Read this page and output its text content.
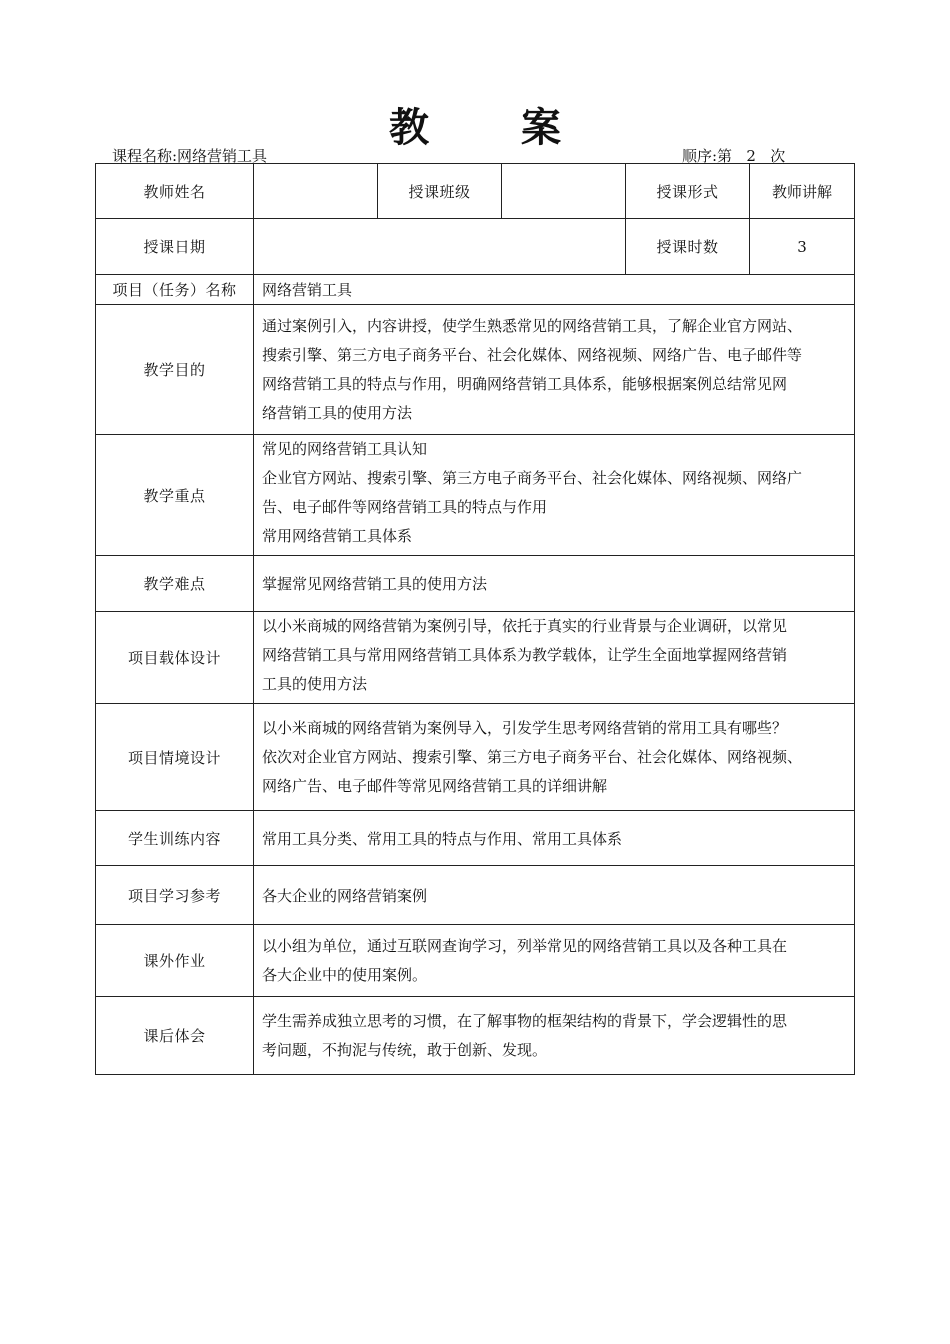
教 案
课程名称:网络营销工具	顺序:第   2   次
教师姓名		授课班级		授课形式	教师讲解
授课日期				授课时数	3
项目（任务）名称	网络营销工具				
教学目的	通过案例引入，内容讲授，使学生熟悉常见的网络营销工具，了解企业官方网站、
搜索引擎、第三方电子商务平台、社会化媒体、网络视频、网络广告、电子邮件等
网络营销工具的特点与作用，明确网络营销工具体系，能够根据案例总结常见网
络营销工具的使用方法				

教学重点	常见的网络营销工具认知
企业官方网站、搜索引擎、第三方电子商务平台、社会化媒体、网络视频、网络广
告、电子邮件等网络营销工具的特点与作用
常用网络营销工具体系				

教学难点	掌握常见网络营销工具的使用方法				
项目载体设计	以小米商城的网络营销为案例引导，依托于真实的行业背景与企业调研，以常见
网络营销工具与常用网络营销工具体系为教学载体，让学生全面地掌握网络营销
工具的使用方法				

项目情境设计	以小米商城的网络营销为案例导入，引发学生思考网络营销的常用工具有哪些？
依次对企业官方网站、搜索引擎、第三方电子商务平台、社会化媒体、网络视频、
网络广告、电子邮件等常见网络营销工具的详细讲解				

学生训练内容	常用工具分类、常用工具的特点与作用、常用工具体系				
项目学习参考	各大企业的网络营销案例				
课外作业	以小组为单位，通过互联网查询学习，列举常见的网络营销工具以及各种工具在
各大企业中的使用案例。				

课后体会	学生需养成独立思考的习惯，在了解事物的框架结构的背景下，学会逻辑性的思
考问题，不拘泥与传统，敢于创新、发现。				
